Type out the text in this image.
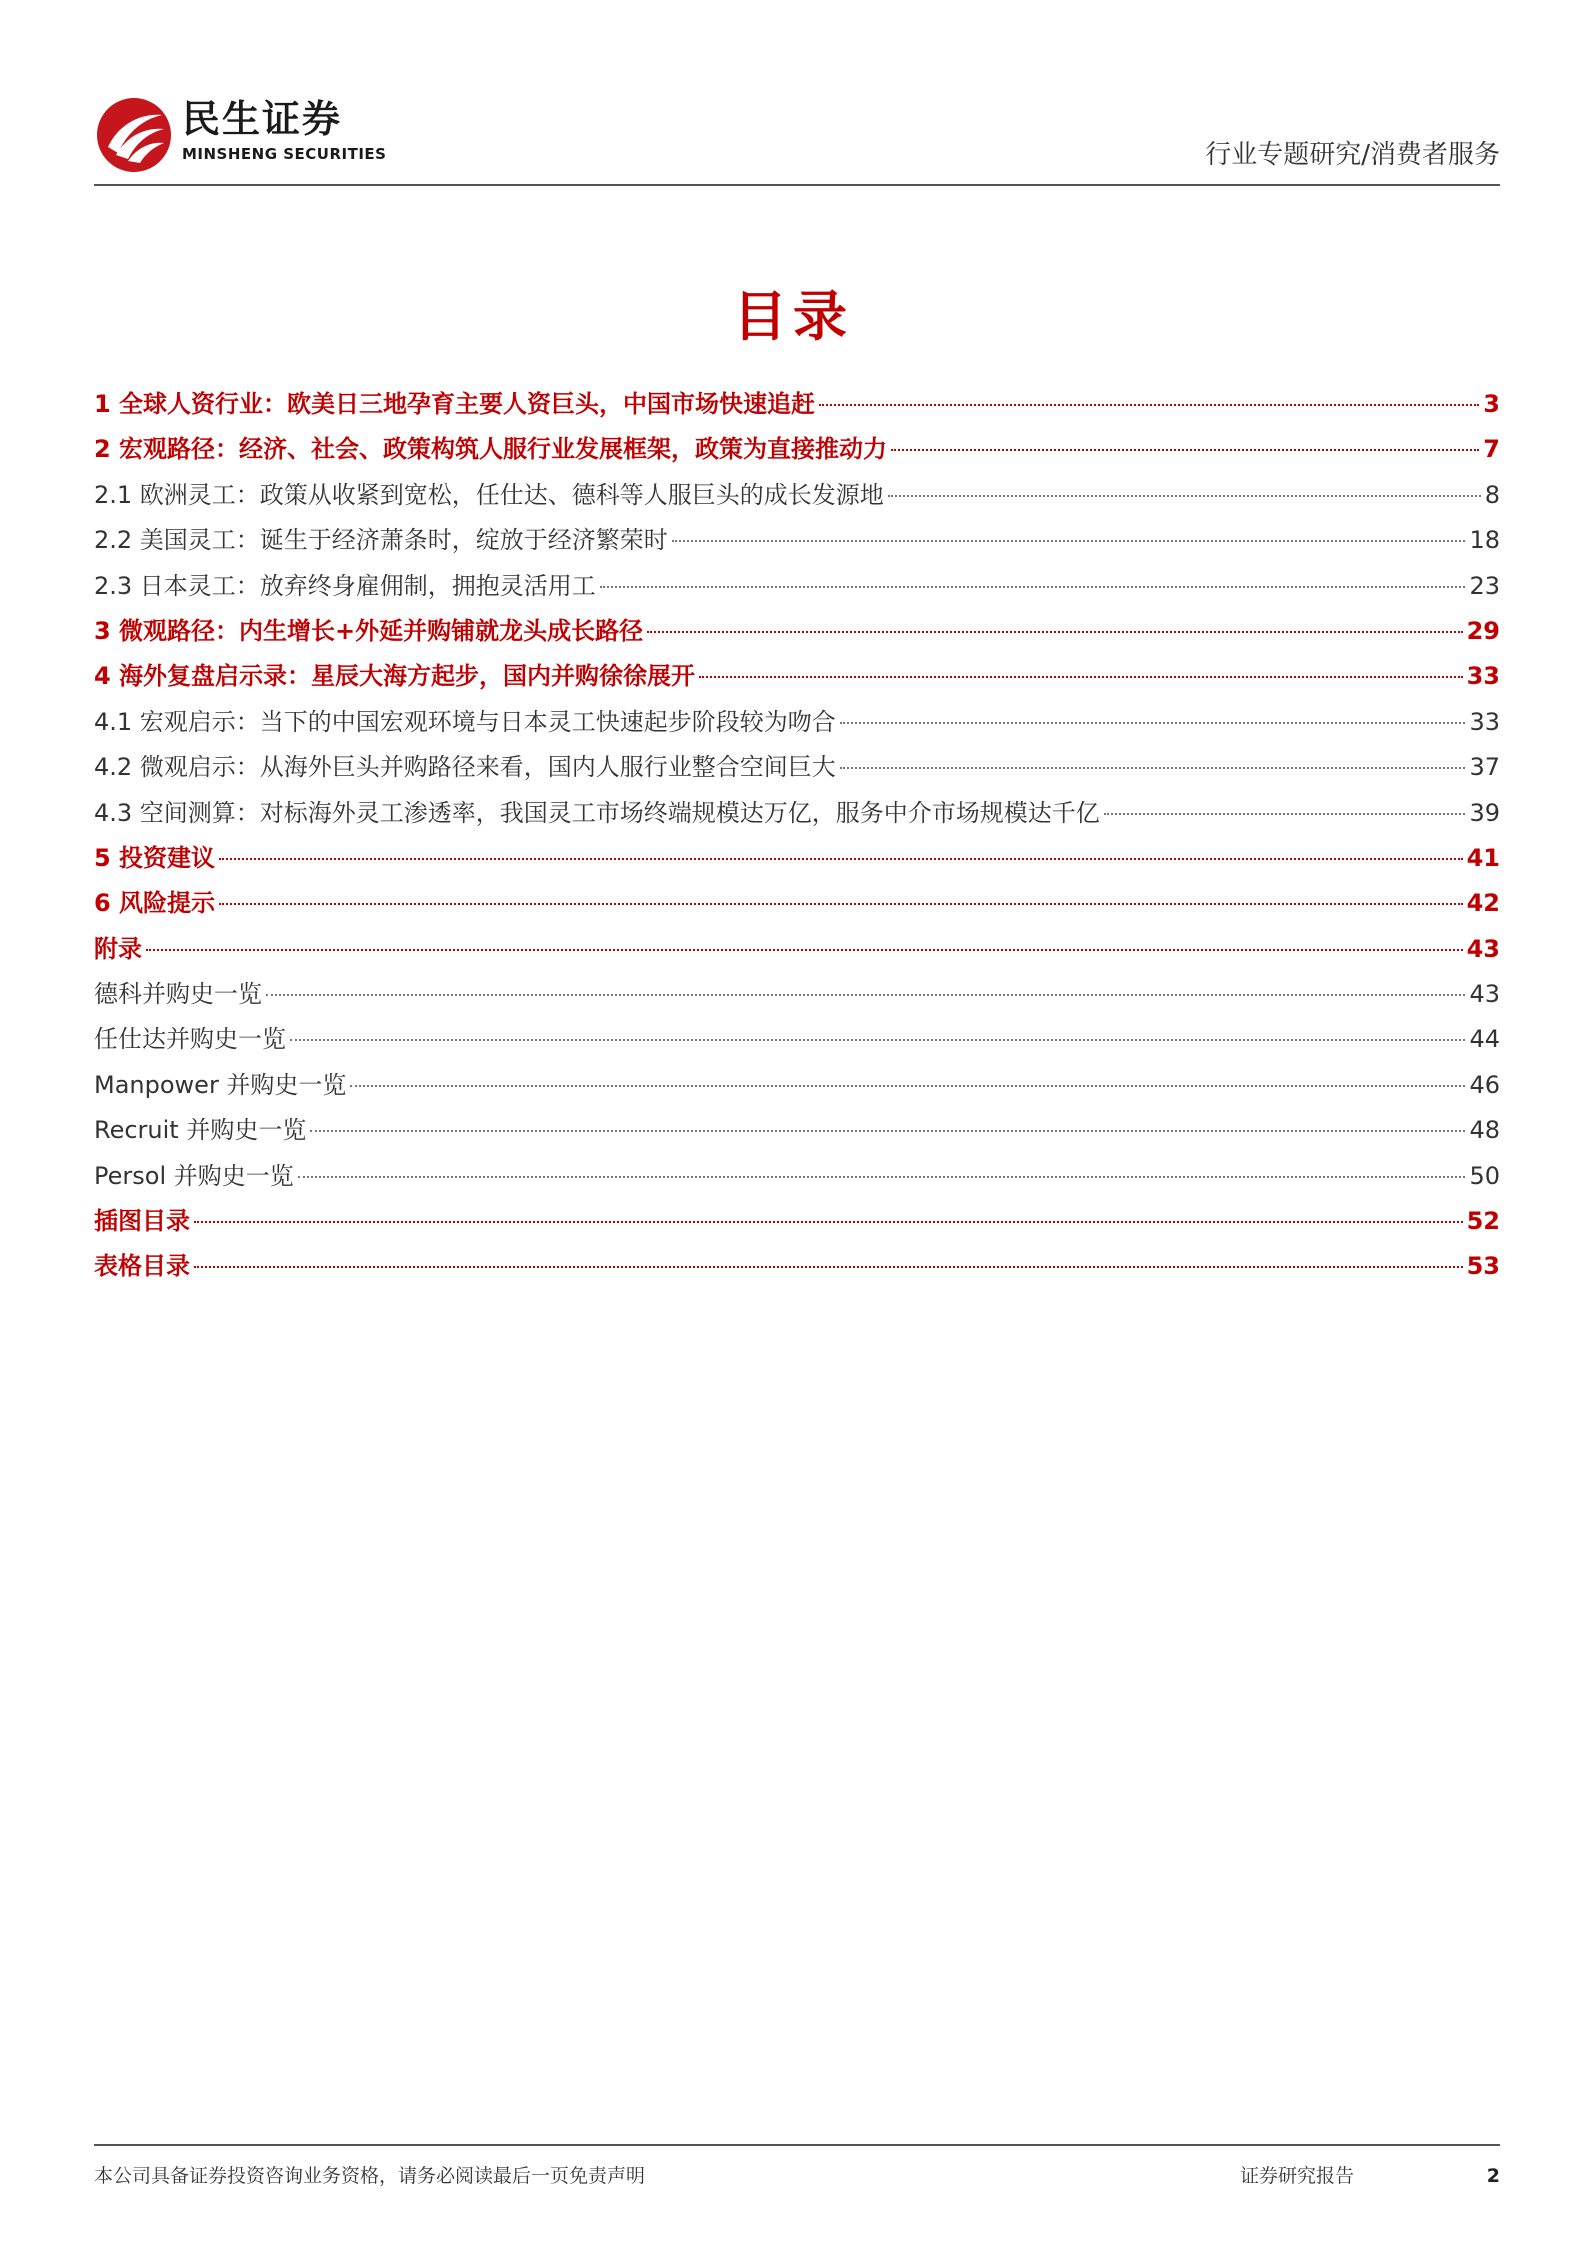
民生证券
MINSHENG SECURITIES	行业专题研究/消费者服务
目录
1 全球人资行业：欧美日三地孕育主要人资巨头，中国市场快速追赶	3
2 宏观路径：经济、社会、政策构筑人服行业发展框架，政策为直接推动力	7
2.1 欧洲灵工：政策从收紧到宽松，任仕达、德科等人服巨头的成长发源地	8
2.2 美国灵工：诞生于经济萧条时，绽放于经济繁荣时	18
2.3 日本灵工：放弃终身雇佣制，拥抱灵活用工	23
3 微观路径：内生增长+外延并购铺就龙头成长路径	29
4 海外复盘启示录：星辰大海方起步，国内并购徐徐展开	33
4.1 宏观启示：当下的中国宏观环境与日本灵工快速起步阶段较为吻合	33
4.2 微观启示：从海外巨头并购路径来看，国内人服行业整合空间巨大	37
4.3 空间测算：对标海外灵工渗透率，我国灵工市场终端规模达万亿，服务中介市场规模达千亿	39
5 投资建议	41
6 风险提示	42
附录	43
德科并购史一览	43
任仕达并购史一览	44
Manpower 并购史一览	46
Recruit 并购史一览	48
Persol 并购史一览	50
插图目录	52
表格目录	53
本公司具备证券投资咨询业务资格，请务必阅读最后一页免责声明	证券研究报告	2
